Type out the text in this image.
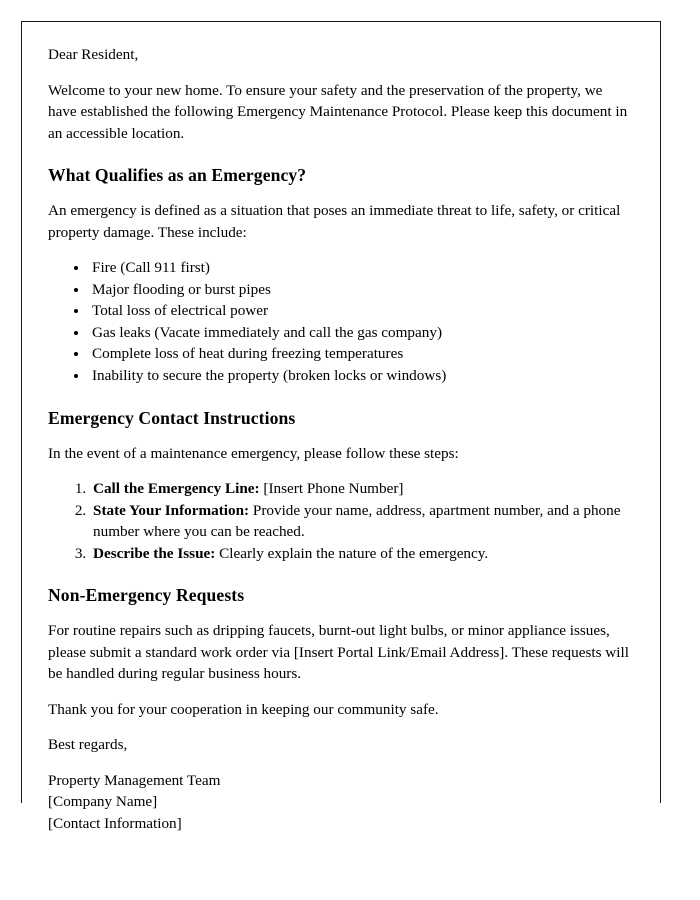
Dear Resident,

Welcome to your new home. To ensure your safety and the preservation of the property, we have established the following Emergency Maintenance Protocol. Please keep this document in an accessible location.

What Qualifies as an Emergency?

An emergency is defined as a situation that poses an immediate threat to life, safety, or critical property damage. These include:

• Fire (Call 911 first)
• Major flooding or burst pipes
• Total loss of electrical power
• Gas leaks (Vacate immediately and call the gas company)
• Complete loss of heat during freezing temperatures
• Inability to secure the property (broken locks or windows)
Emergency Contact Instructions

In the event of a maintenance emergency, please follow these steps:

1. Call the Emergency Line: [Insert Phone Number]
2. State Your Information: Provide your name, address, apartment number, and a phone number where you can be reached.
3. Describe the Issue: Clearly explain the nature of the emergency.
Non-Emergency Requests

For routine repairs such as dripping faucets, burnt-out light bulbs, or minor appliance issues, please submit a standard work order via [Insert Portal Link/Email Address]. These requests will be handled during regular business hours.

Thank you for your cooperation in keeping our community safe.

Best regards,

Property Management Team
[Company Name]
[Contact Information]
